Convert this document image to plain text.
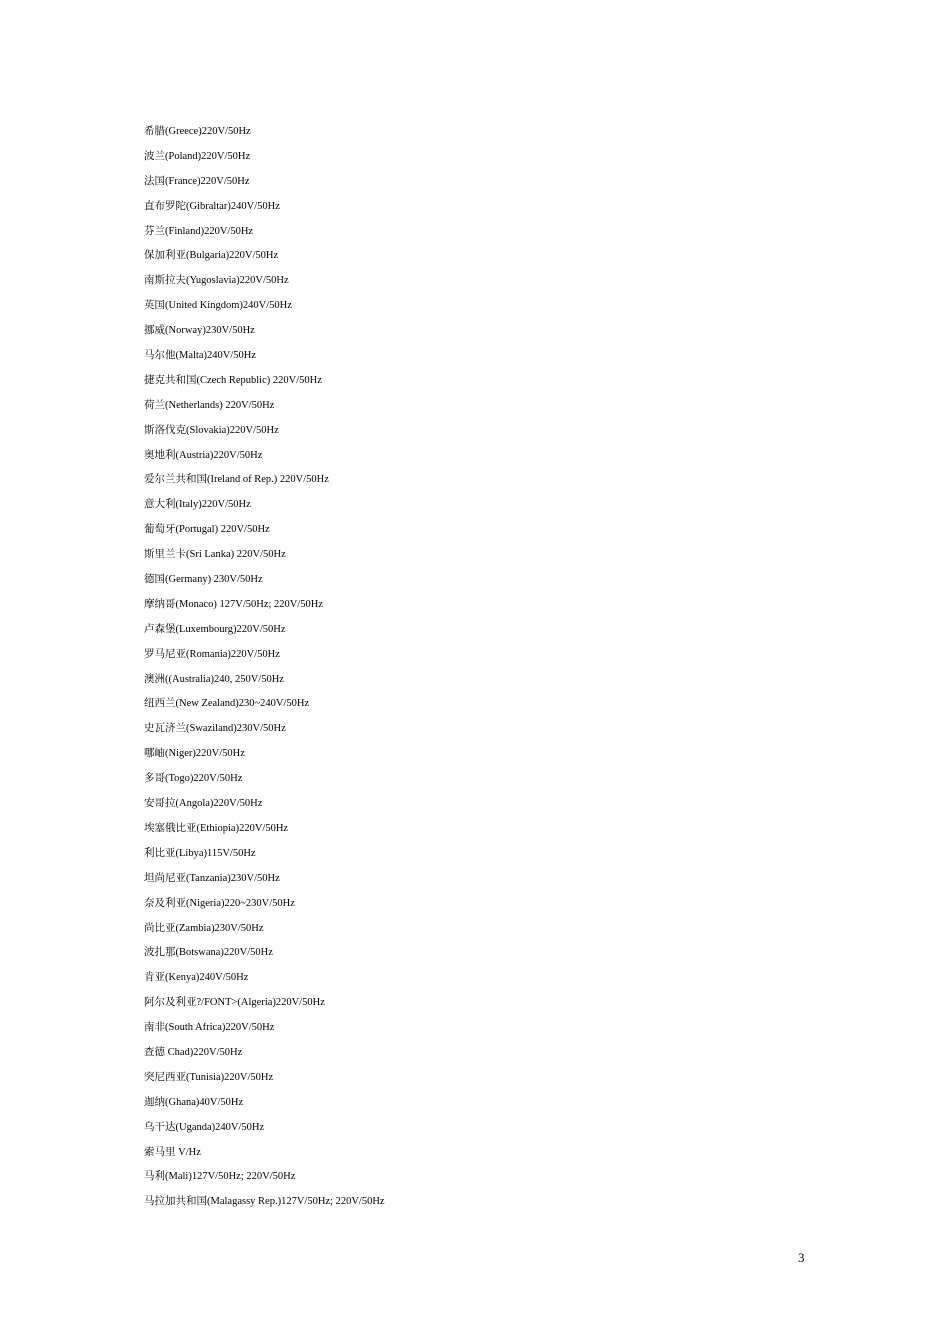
希腊(Greece)220V/50Hz
波兰(Poland)220V/50Hz
法国(France)220V/50Hz
直布罗陀(Gibraltar)240V/50Hz
芬兰(Finland)220V/50Hz
保加利亚(Bulgaria)220V/50Hz
南斯拉夫(Yugoslavia)220V/50Hz
英国(United Kingdom)240V/50Hz
挪威(Norway)230V/50Hz
马尔他(Malta)240V/50Hz
捷克共和国(Czech Republic) 220V/50Hz
荷兰(Netherlands) 220V/50Hz
斯洛伐克(Slovakia)220V/50Hz
奥地利(Austria)220V/50Hz
爱尔兰共和国(Ireland of Rep.) 220V/50Hz
意大利(Italy)220V/50Hz
葡萄牙(Portugal) 220V/50Hz
斯里兰卡(Sri Lanka) 220V/50Hz
德国(Germany) 230V/50Hz
摩纳哥(Monaco) 127V/50Hz; 220V/50Hz
卢森堡(Luxembourg)220V/50Hz
罗马尼亚(Romania)220V/50Hz
澳洲((Australia)240, 250V/50Hz
纽西兰(New Zealand)230~240V/50Hz
史瓦济兰(Swaziland)230V/50Hz
哪岫(Niger)220V/50Hz
多哥(Togo)220V/50Hz
安哥拉(Angola)220V/50Hz
埃塞俄比亚(Ethiopia)220V/50Hz
利比亚(Libya)115V/50Hz
坦尚尼亚(Tanzania)230V/50Hz
奈及利亚(Nigeria)220~230V/50Hz
尚比亚(Zambia)230V/50Hz
波扎那(Botswana)220V/50Hz
肯亚(Kenya)240V/50Hz
阿尔及利亚?/FONT>(Algeria)220V/50Hz
南非(South Africa)220V/50Hz
查德 Chad)220V/50Hz
突尼西亚(Tunisia)220V/50Hz
迦纳(Ghana)40V/50Hz
乌干达(Uganda)240V/50Hz
索马里 V/Hz
马利(Mali)127V/50Hz; 220V/50Hz
马拉加共和国(Malagassy Rep.)127V/50Hz; 220V/50Hz
3
